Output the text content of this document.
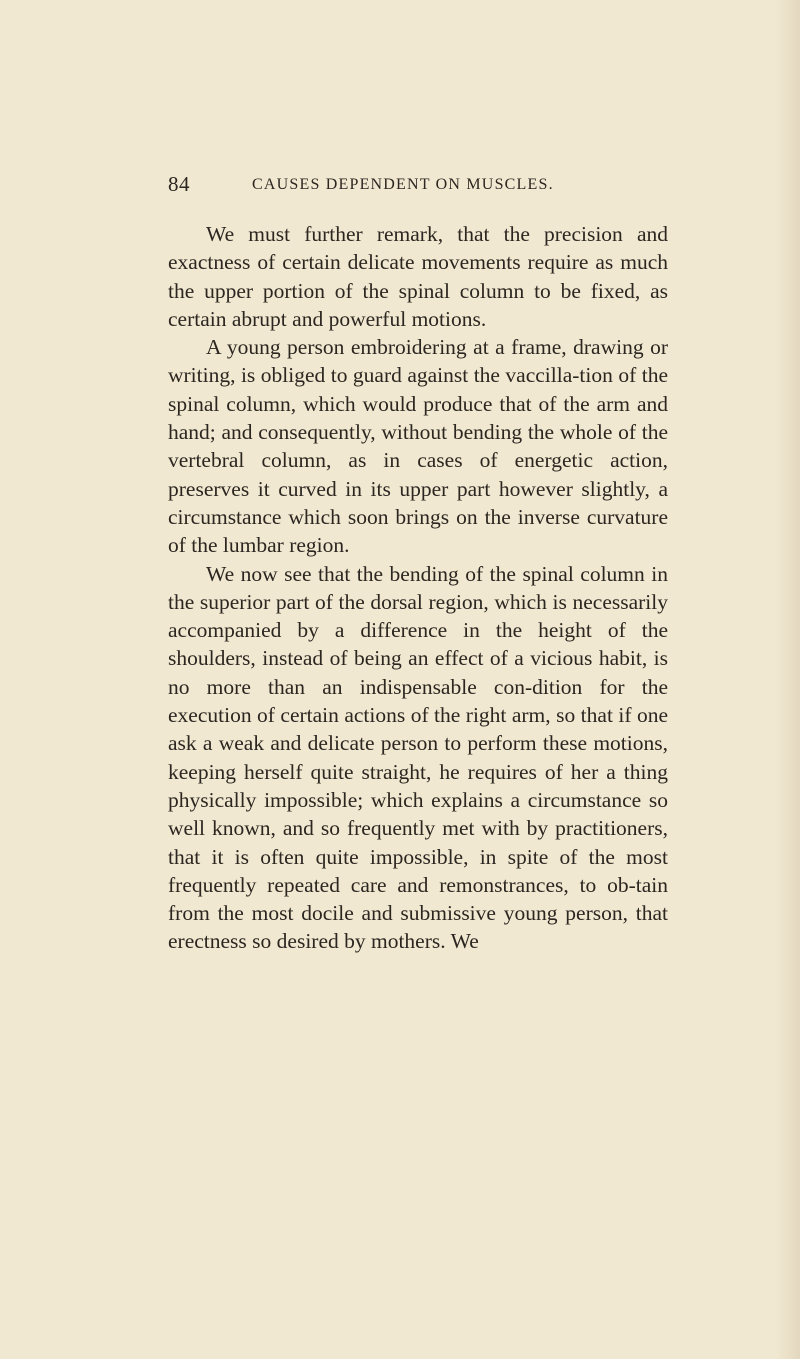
84	CAUSES DEPENDENT ON MUSCLES.

We must further remark, that the precision and exactness of certain delicate movements require as much the upper portion of the spinal column to be fixed, as certain abrupt and powerful motions.

A young person embroidering at a frame, drawing or writing, is obliged to guard against the vaccilla-tion of the spinal column, which would produce that of the arm and hand; and consequently, without bending the whole of the vertebral column, as in cases of energetic action, preserves it curved in its upper part however slightly, a circumstance which soon brings on the inverse curvature of the lumbar region.

We now see that the bending of the spinal column in the superior part of the dorsal region, which is necessarily accompanied by a difference in the height of the shoulders, instead of being an effect of a vicious habit, is no more than an indispensable con-dition for the execution of certain actions of the right arm, so that if one ask a weak and delicate person to perform these motions, keeping herself quite straight, he requires of her a thing physically impossible; which explains a circumstance so well known, and so frequently met with by practitioners, that it is often quite impossible, in spite of the most frequently repeated care and remonstrances, to ob-tain from the most docile and submissive young person, that erectness so desired by mothers. We
